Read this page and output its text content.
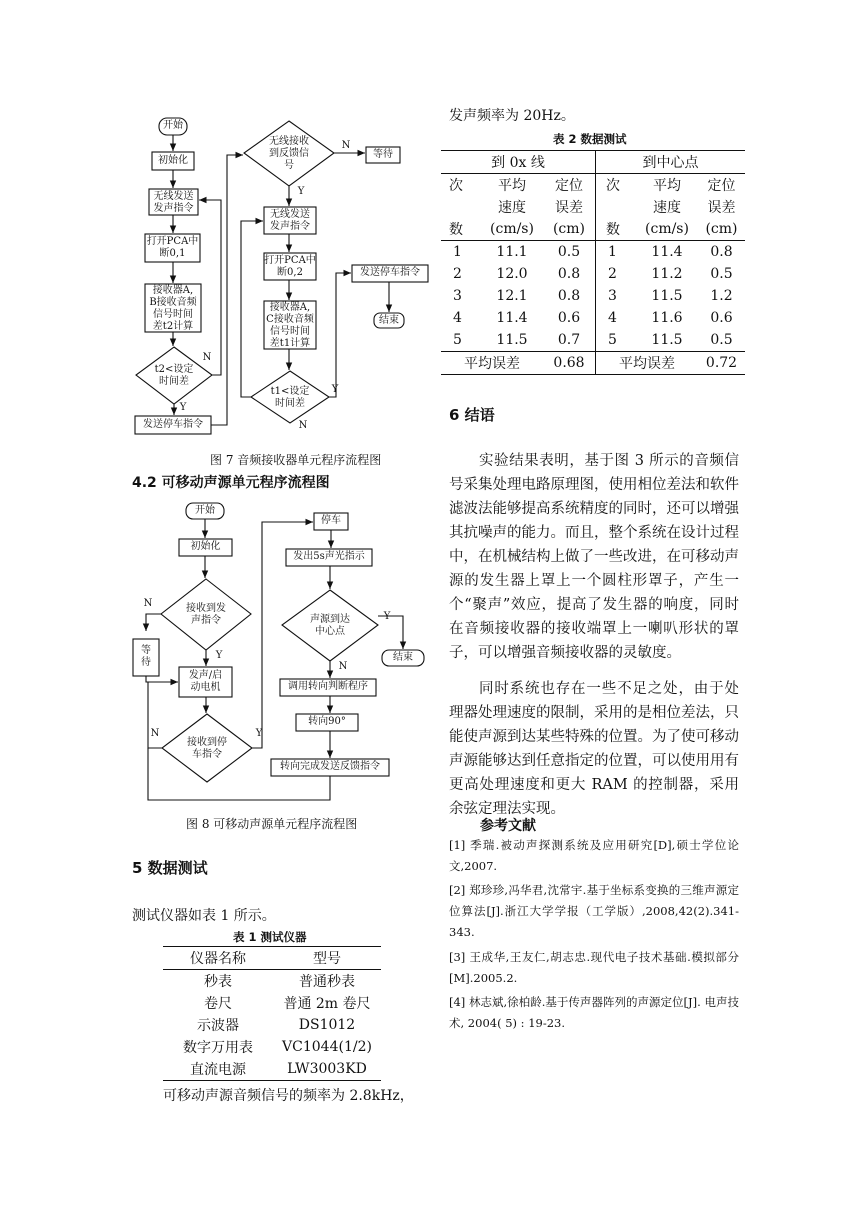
开始
初始化
无线发送
发声指令
打开PCA中
断0,1
接收器A,
B接收音频
信号时间
差t2计算
t2<设定
时间差
发送停车指令
无线接收
到反馈信
号
等待
无线发送
发声指令
打开PCA中
断0,2
接收器A,
C接收音频
信号时间
差t1计算
t1<设定
时间差
发送停车指令
结束
N
Y
N
Y
N
Y
图 7 音频接收器单元程序流程图
4.2 可移动声源单元程序流程图
开始
初始化
接收到发
声指令
等
待
发声/启
动电机
接收到停
车指令
停车
发出5s声光指示
声源到达
中心点
结束
调用转向判断程序
转向90°
转向完成发送反馈指令
N
Y
N	Y
Y
N
图 8 可移动声源单元程序流程图
5 数据测试
测试仪器如表 1 所示。
表 1 测试仪器
仪器名称	型号
秒表	普通秒表
卷尺	普通 2m 卷尺
示波器	DS1012
数字万用表	VC1044(1/2)
直流电源	LW3003KD
可移动声源音频信号的频率为 2.8kHz，
发声频率为 20Hz。
表 2 数据测试
到 0x 线			到中心点		
次	平均	定位	次	平均	定位
	速度	误差		速度	误差
数	(cm/s)	(cm)	数	(cm/s)	(cm)
1	11.1	0.5	1	11.4	0.8
2	12.0	0.8	2	11.2	0.5
3	12.1	0.8	3	11.5	1.2
4	11.4	0.6	4	11.6	0.6
5	11.5	0.7	5	11.5	0.5
平均误差		0.68	平均误差		0.72
6 结语
实验结果表明，基于图 3 所示的音频信号采集处理电路原理图，使用相位差法和软件滤波法能够提高系统精度的同时，还可以增强其抗噪声的能力。而且，整个系统在设计过程中，在机械结构上做了一些改进，在可移动声源的发生器上罩上一个圆柱形罩子，产生一个“聚声”效应，提高了发生器的响度，同时在音频接收器的接收端罩上一喇叭形状的罩子，可以增强音频接收器的灵敏度。
同时系统也存在一些不足之处，由于处理器处理速度的限制，采用的是相位差法，只能使声源到达某些特殊的位置。为了使可移动声源能够达到任意指定的位置，可以使用用有更高处理速度和更大 RAM 的控制器，采用余弦定理法实现。
参考文献
[1] 季瑞.被动声探测系统及应用研究[D],硕士学位论文,2007.
[2] 郑珍珍,冯华君,沈常宇.基于坐标系变换的三维声源定位算法[J].浙江大学学报（工学版）,2008,42(2).341-343.
[3] 王成华,王友仁,胡志忠.现代电子技术基础.模拟部分[M].2005.2.
[4] 林志斌,徐柏龄.基于传声器阵列的声源定位[J]. 电声技术, 2004( 5) : 19-23.
